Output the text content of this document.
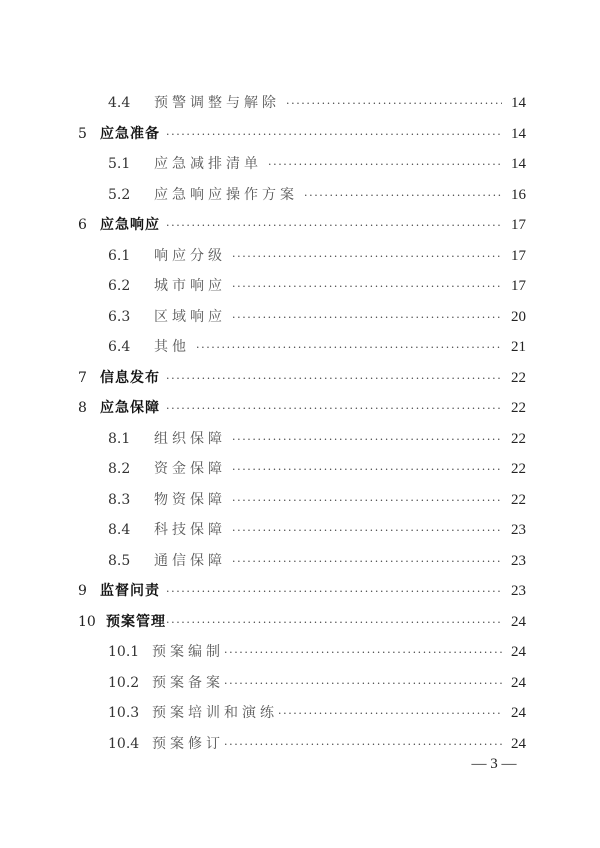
4.4	预警调整与解除 ·····	14
5 应急准备 ·····	14
5.1	应急减排清单 ·····	14
5.2	应急响应操作方案 ·····	16
6 应急响应 ·····	17
6.1	响应分级 ·····	17
6.2	城市响应 ·····	17
6.3	区域响应 ·····	20
6.4	其他 ·····	21
7 信息发布 ·····	22
8 应急保障 ·····	22
8.1	组织保障 ·····	22
8.2	资金保障 ·····	22
8.3	物资保障 ·····	22
8.4	科技保障 ·····	23
8.5	通信保障 ·····	23
9 监督问责 ·····	23
10 预案管理 ·····	24
10.1 预案编制 ·····	24
10.2 预案备案 ·····	24
10.3 预案培训和演练 ·····	24
10.4 预案修订 ·····	24
— 3 —
